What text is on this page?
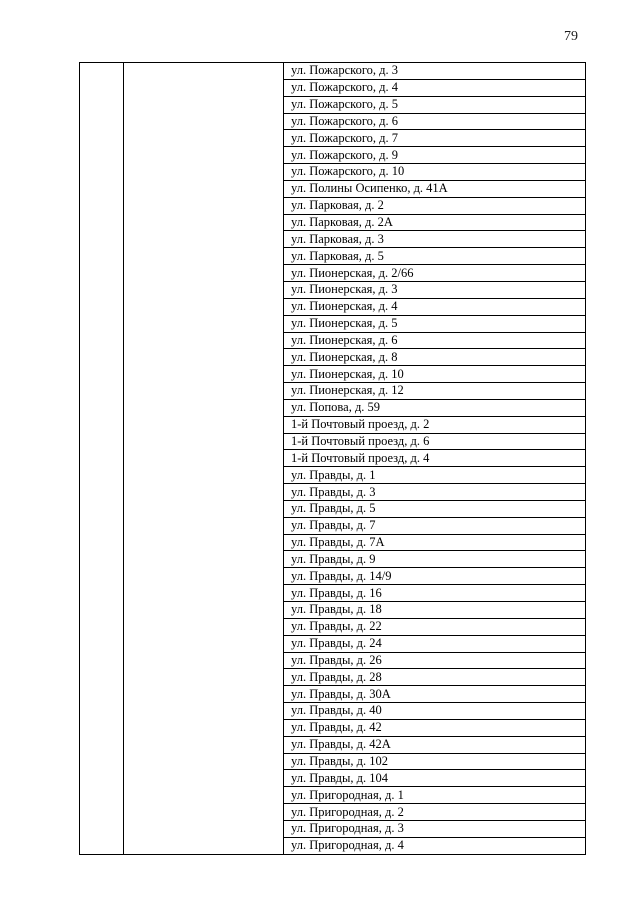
79
		ул. Пожарского, д. 3
ул. Пожарского, д. 4
ул. Пожарского, д. 5
ул. Пожарского, д. 6
ул. Пожарского, д. 7
ул. Пожарского, д. 9
ул. Пожарского, д. 10
ул. Полины Осипенко, д. 41А
ул. Парковая, д. 2
ул. Парковая, д. 2А
ул. Парковая, д. 3
ул. Парковая, д. 5
ул. Пионерская, д. 2/66
ул. Пионерская, д. 3
ул. Пионерская, д. 4
ул. Пионерская, д. 5
ул. Пионерская, д. 6
ул. Пионерская, д. 8
ул. Пионерская, д. 10
ул. Пионерская, д. 12
ул. Попова, д. 59
1-й Почтовый проезд, д. 2
1-й Почтовый проезд, д. 6
1-й Почтовый проезд, д. 4
ул. Правды, д. 1
ул. Правды, д. 3
ул. Правды, д. 5
ул. Правды, д. 7
ул. Правды, д. 7А
ул. Правды, д. 9
ул. Правды, д. 14/9
ул. Правды, д. 16
ул. Правды, д. 18
ул. Правды, д. 22
ул. Правды, д. 24
ул. Правды, д. 26
ул. Правды, д. 28
ул. Правды, д. 30А
ул. Правды, д. 40
ул. Правды, д. 42
ул. Правды, д. 42А
ул. Правды, д. 102
ул. Правды, д. 104
ул. Пригородная, д. 1
ул. Пригородная, д. 2
ул. Пригородная, д. 3
ул. Пригородная, д. 4
